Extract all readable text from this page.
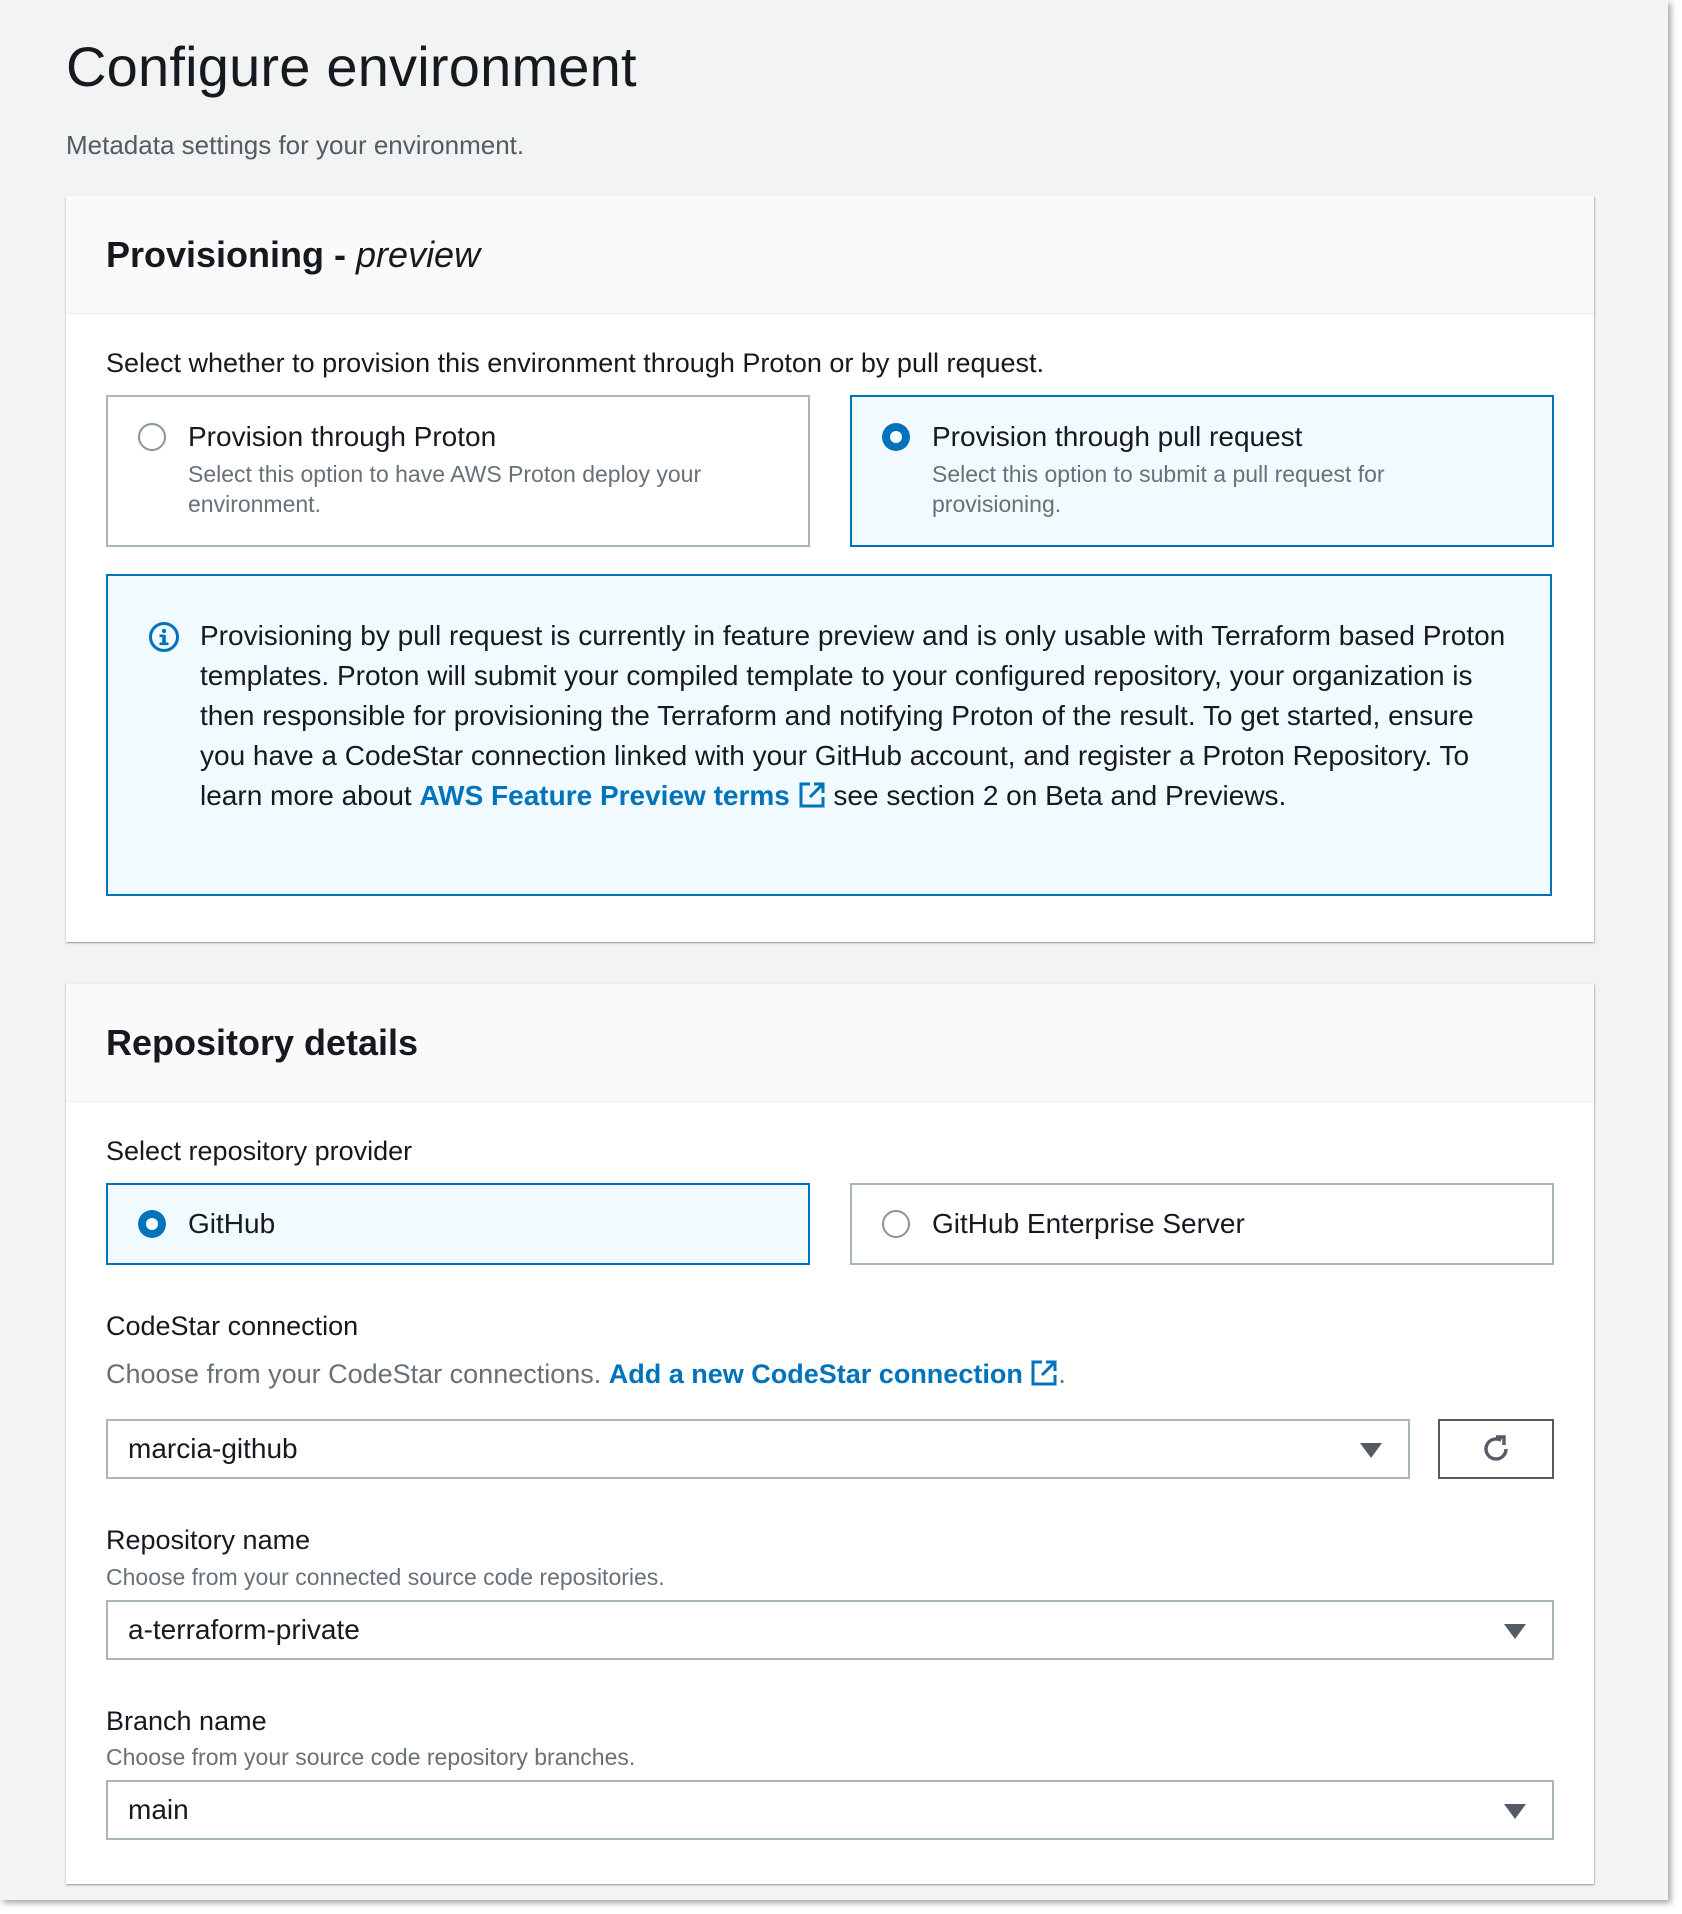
Configure environment
Metadata settings for your environment.
Provisioning - preview
Select whether to provision this environment through Proton or by pull request.
Provision through Proton
Select this option to have AWS Proton deploy your environment.
Provision through pull request
Select this option to submit a pull request for provisioning.
Provisioning by pull request is currently in feature preview and is only usable with Terraform based Proton templates. Proton will submit your compiled template to your configured repository, your organization is then responsible for provisioning the Terraform and notifying Proton of the result. To get started, ensure you have a CodeStar connection linked with your GitHub account, and register a Proton Repository. To learn more about AWS Feature Preview terms  see section 2 on Beta and Previews.
Repository details
Select repository provider
GitHub	GitHub Enterprise Server
CodeStar connection
Choose from your CodeStar connections. Add a new CodeStar connection .
marcia-github
Repository name
Choose from your connected source code repositories.
a-terraform-private
Branch name
Choose from your source code repository branches.
main
